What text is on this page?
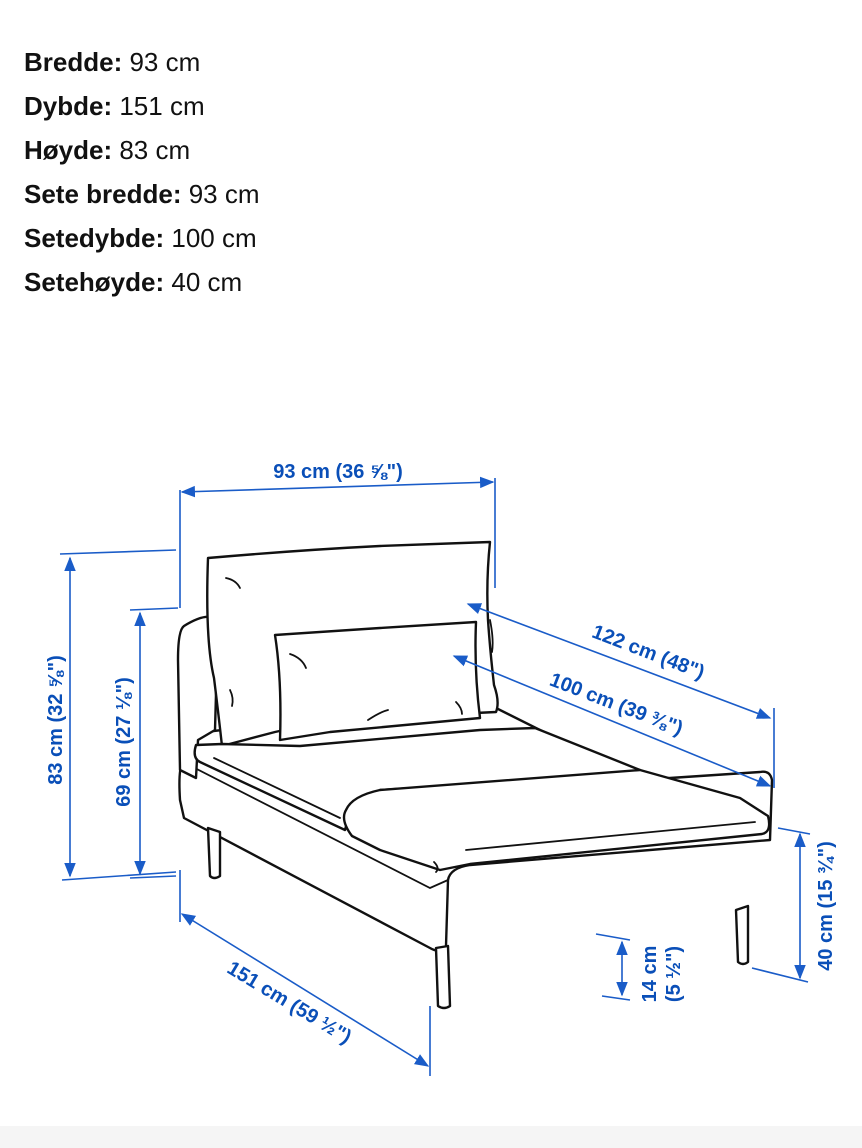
Bredde: 93 cm
Dybde: 151 cm
Høyde: 83 cm
Sete bredde: 93 cm
Setedybde: 100 cm
Setehøyde: 40 cm
93 cm (36 ⅝")
83 cm (32 ⅝") 69 cm (27 ⅛")
122 cm (48")
100 cm (39 ⅜")
151 cm (59 ½")	14 cm (5 ½")
40 cm (15 ¾")
